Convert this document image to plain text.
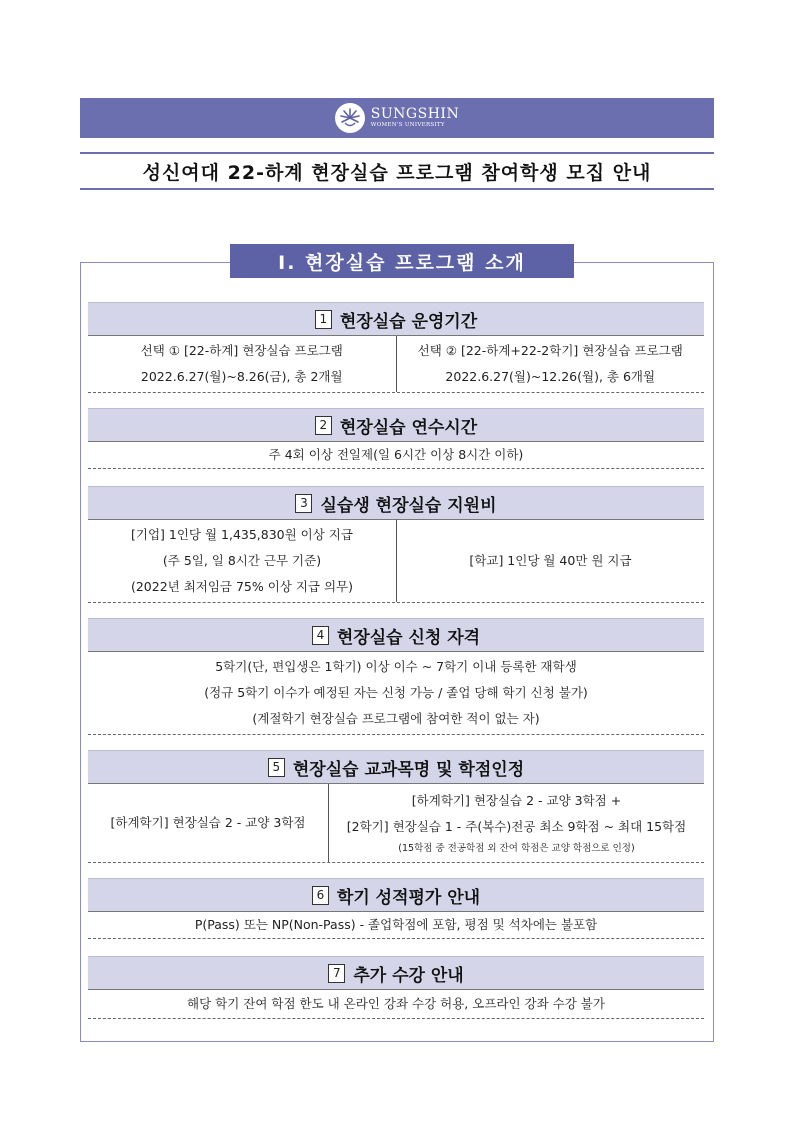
SUNGSHIN
WOMEN'S UNIVERSITY
성신여대 22-하계 현장실습 프로그램 참여학생 모집 안내
Ⅰ. 현장실습 프로그램 소개
1 현장실습 운영기간
선택 ① [22-하계] 현장실습 프로그램
2022.6.27(월)~8.26(금), 총 2개월
선택 ② [22-하계+22-2학기] 현장실습 프로그램
2022.6.27(월)~12.26(월), 총 6개월
2 현장실습 연수시간
주 4회 이상 전일제(일 6시간 이상 8시간 이하)
3 실습생 현장실습 지원비
[기업] 1인당 월 1,435,830원 이상 지급
(주 5일, 일 8시간 근무 기준)
(2022년 최저임금 75% 이상 지급 의무)
[학교] 1인당 월 40만 원 지급
4 현장실습 신청 자격
5학기(단, 편입생은 1학기) 이상 이수 ~ 7학기 이내 등록한 재학생
(정규 5학기 이수가 예정된 자는 신청 가능 / 졸업 당해 학기 신청 불가)
(계절학기 현장실습 프로그램에 참여한 적이 없는 자)
5 현장실습 교과목명 및 학점인정
[하계학기] 현장실습 2 - 교양 3학점
[하계학기] 현장실습 2 - 교양 3학점 +
[2학기] 현장실습 1 - 주(복수)전공 최소 9학점 ~ 최대 15학점
(15학점 중 전공학점 외 잔여 학점은 교양 학점으로 인정)
6 학기 성적평가 안내
P(Pass) 또는 NP(Non-Pass) - 졸업학점에 포함, 평점 및 석차에는 불포함
7 추가 수강 안내
해당 학기 잔여 학점 한도 내 온라인 강좌 수강 허용, 오프라인 강좌 수강 불가
